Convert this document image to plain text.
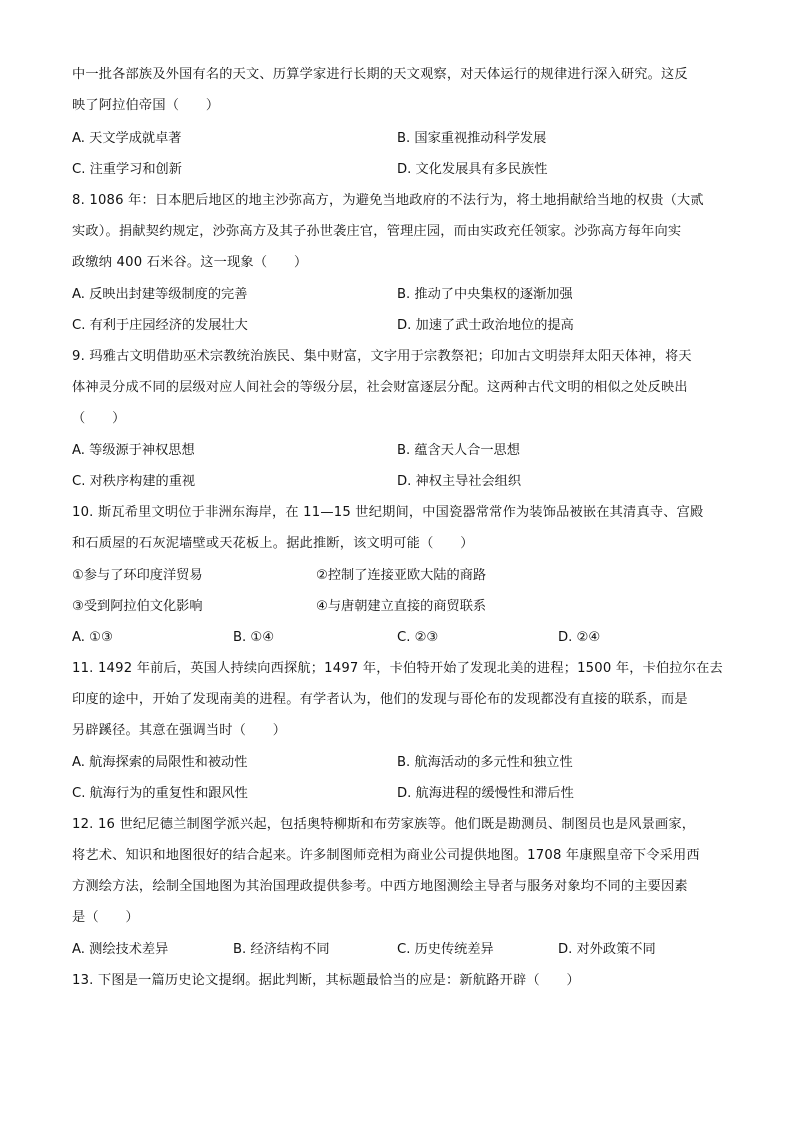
中一批各部族及外国有名的天文、历算学家进行长期的天文观察，对天体运行的规律进行深入研究。这反
映了阿拉伯帝国（　　）
A. 天文学成就卓著	B. 国家重视推动科学发展
C. 注重学习和创新	D. 文化发展具有多民族性
8. 1086 年：日本肥后地区的地主沙弥高方，为避免当地政府的不法行为，将土地捐献给当地的权贵（大贰
实政）。捐献契约规定，沙弥高方及其子孙世袭庄官，管理庄园，而由实政充任领家。沙弥高方每年向实
政缴纳 400 石米谷。这一现象（　　）
A. 反映出封建等级制度的完善	B. 推动了中央集权的逐渐加强
C. 有利于庄园经济的发展壮大	D. 加速了武士政治地位的提高
9. 玛雅古文明借助巫术宗教统治族民、集中财富，文字用于宗教祭祀；印加古文明崇拜太阳天体神，将天
体神灵分成不同的层级对应人间社会的等级分层，社会财富逐层分配。这两种古代文明的相似之处反映出
（　　）
A. 等级源于神权思想	B. 蕴含天人合一思想
C. 对秩序构建的重视	D. 神权主导社会组织
10. 斯瓦希里文明位于非洲东海岸，在 11—15 世纪期间，中国瓷器常常作为装饰品被嵌在其清真寺、宫殿
和石质屋的石灰泥墙壁或天花板上。据此推断，该文明可能（　　）
①参与了环印度洋贸易	②控制了连接亚欧大陆的商路
③受到阿拉伯文化影响	④与唐朝建立直接的商贸联系
A. ①③	B. ①④	C. ②③	D. ②④
11. 1492 年前后，英国人持续向西探航；1497 年，卡伯特开始了发现北美的进程；1500 年，卡伯拉尔在去
印度的途中，开始了发现南美的进程。有学者认为，他们的发现与哥伦布的发现都没有直接的联系，而是
另辟蹊径。其意在强调当时（　　）
A. 航海探索的局限性和被动性	B. 航海活动的多元性和独立性
C. 航海行为的重复性和跟风性	D. 航海进程的缓慢性和滞后性
12. 16 世纪尼德兰制图学派兴起，包括奥特柳斯和布劳家族等。他们既是勘测员、制图员也是风景画家，
将艺术、知识和地图很好的结合起来。许多制图师竞相为商业公司提供地图。1708 年康熙皇帝下令采用西
方测绘方法，绘制全国地图为其治国理政提供参考。中西方地图测绘主导者与服务对象均不同的主要因素
是（　　）
A. 测绘技术差异	B. 经济结构不同	C. 历史传统差异	D. 对外政策不同
13. 下图是一篇历史论文提纲。据此判断，其标题最恰当的应是：新航路开辟（　　）
